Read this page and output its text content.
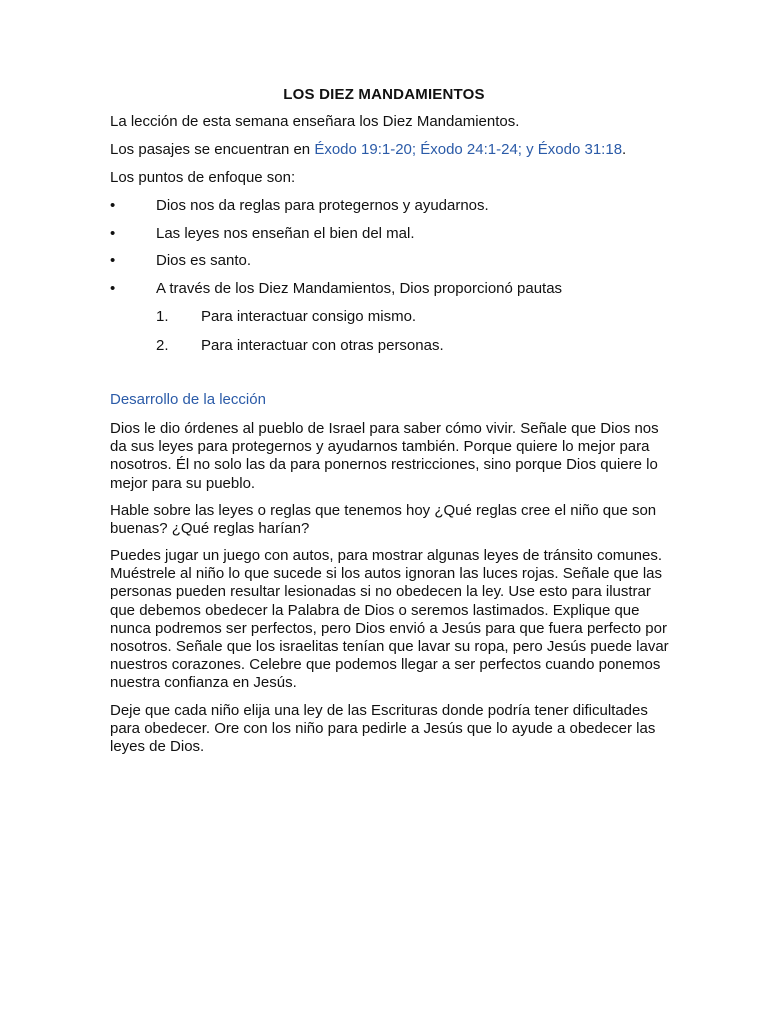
LOS DIEZ MANDAMIENTOS
La lección de esta semana enseñara los Diez Mandamientos.
Los pasajes se encuentran en Éxodo 19:1-20; Éxodo 24:1-24; y Éxodo 31:18.
Los puntos de enfoque son:
•	Dios nos da reglas para protegernos y ayudarnos.
•	Las leyes nos enseñan el bien del mal.
•	Dios es santo.
•	A través de los Diez Mandamientos, Dios proporcionó pautas
1. Para interactuar consigo mismo.
2. Para interactuar con otras personas.
Desarrollo de la lección
Dios le dio órdenes al pueblo de Israel para saber cómo vivir. Señale que Dios nos da sus leyes para protegernos y ayudarnos también. Porque quiere lo mejor para nosotros. Él no solo las da para ponernos restricciones, sino porque Dios quiere lo mejor para su pueblo.
Hable sobre las leyes o reglas que tenemos hoy ¿Qué reglas cree el niño que son buenas? ¿Qué reglas harían?
Puedes jugar un juego con autos, para mostrar algunas leyes de tránsito comunes. Muéstrele al niño lo que sucede si los autos ignoran las luces rojas. Señale que las personas pueden resultar lesionadas si no obedecen la ley. Use esto para ilustrar que debemos obedecer la Palabra de Dios o seremos lastimados. Explique que nunca podremos ser perfectos, pero Dios envió a Jesús para que fuera perfecto por nosotros. Señale que los israelitas tenían que lavar su ropa, pero Jesús puede lavar nuestros corazones. Celebre que podemos llegar a ser perfectos cuando ponemos nuestra confianza en Jesús.
Deje que cada niño elija una ley de las Escrituras donde podría tener dificultades para obedecer. Ore con los niño para pedirle a Jesús que lo ayude a obedecer las leyes de Dios.
